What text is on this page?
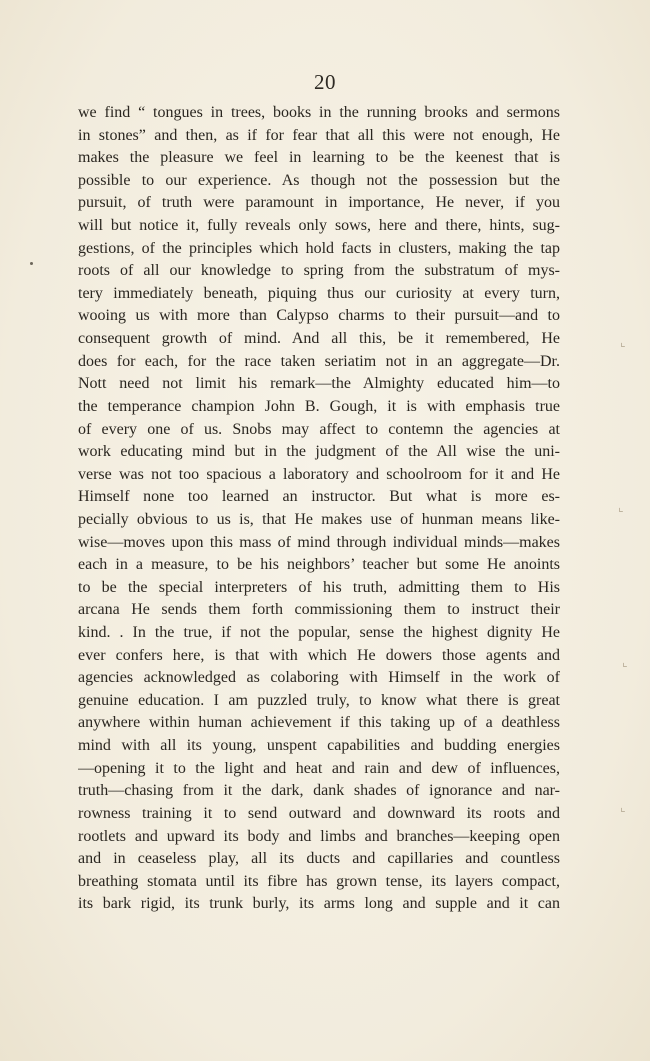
20
we find “ tongues in trees, books in the running brooks and sermons
in stones” and then, as if for fear that all this were not enough, He
makes the pleasure we feel in learning to be the keenest that is
possible to our experience. As though not the possession but the
pursuit, of truth were paramount in importance, He never, if you
will but notice it, fully reveals only sows, here and there, hints, sug-
gestions, of the principles which hold facts in clusters, making the tap
roots of all our knowledge to spring from the substratum of mys-
tery immediately beneath, piquing thus our curiosity at every turn,
wooing us with more than Calypso charms to their pursuit—and to
consequent growth of mind. And all this, be it remembered, He
does for each, for the race taken seriatim not in an aggregate—Dr.
Nott need not limit his remark—the Almighty educated him—to
the temperance champion John B. Gough, it is with emphasis true
of every one of us. Snobs may affect to contemn the agencies at
work educating mind but in the judgment of the All wise the uni-
verse was not too spacious a laboratory and schoolroom for it and He
Himself none too learned an instructor. But what is more es-
pecially obvious to us is, that He makes use of hunman means like-
wise—moves upon this mass of mind through individual minds—makes
each in a measure, to be his neighbors’ teacher but some He anoints
to be the special interpreters of his truth, admitting them to His
arcana He sends them forth commissioning them to instruct their
kind. . In the true, if not the popular, sense the highest dignity He
ever confers here, is that with which He dowers those agents and
agencies acknowledged as colaboring with Himself in the work of
genuine education. I am puzzled truly, to know what there is great
anywhere within human achievement if this taking up of a deathless
mind with all its young, unspent capabilities and budding energies
—opening it to the light and heat and rain and dew of influences,
truth—chasing from it the dark, dank shades of ignorance and nar-
rowness training it to send outward and downward its roots and
rootlets and upward its body and limbs and branches—keeping open
and in ceaseless play, all its ducts and capillaries and countless
breathing stomata until its fibre has grown tense, its layers compact,
its bark rigid, its trunk burly, its arms long and supple and it can
⌞
⌞
⌞
⌞
